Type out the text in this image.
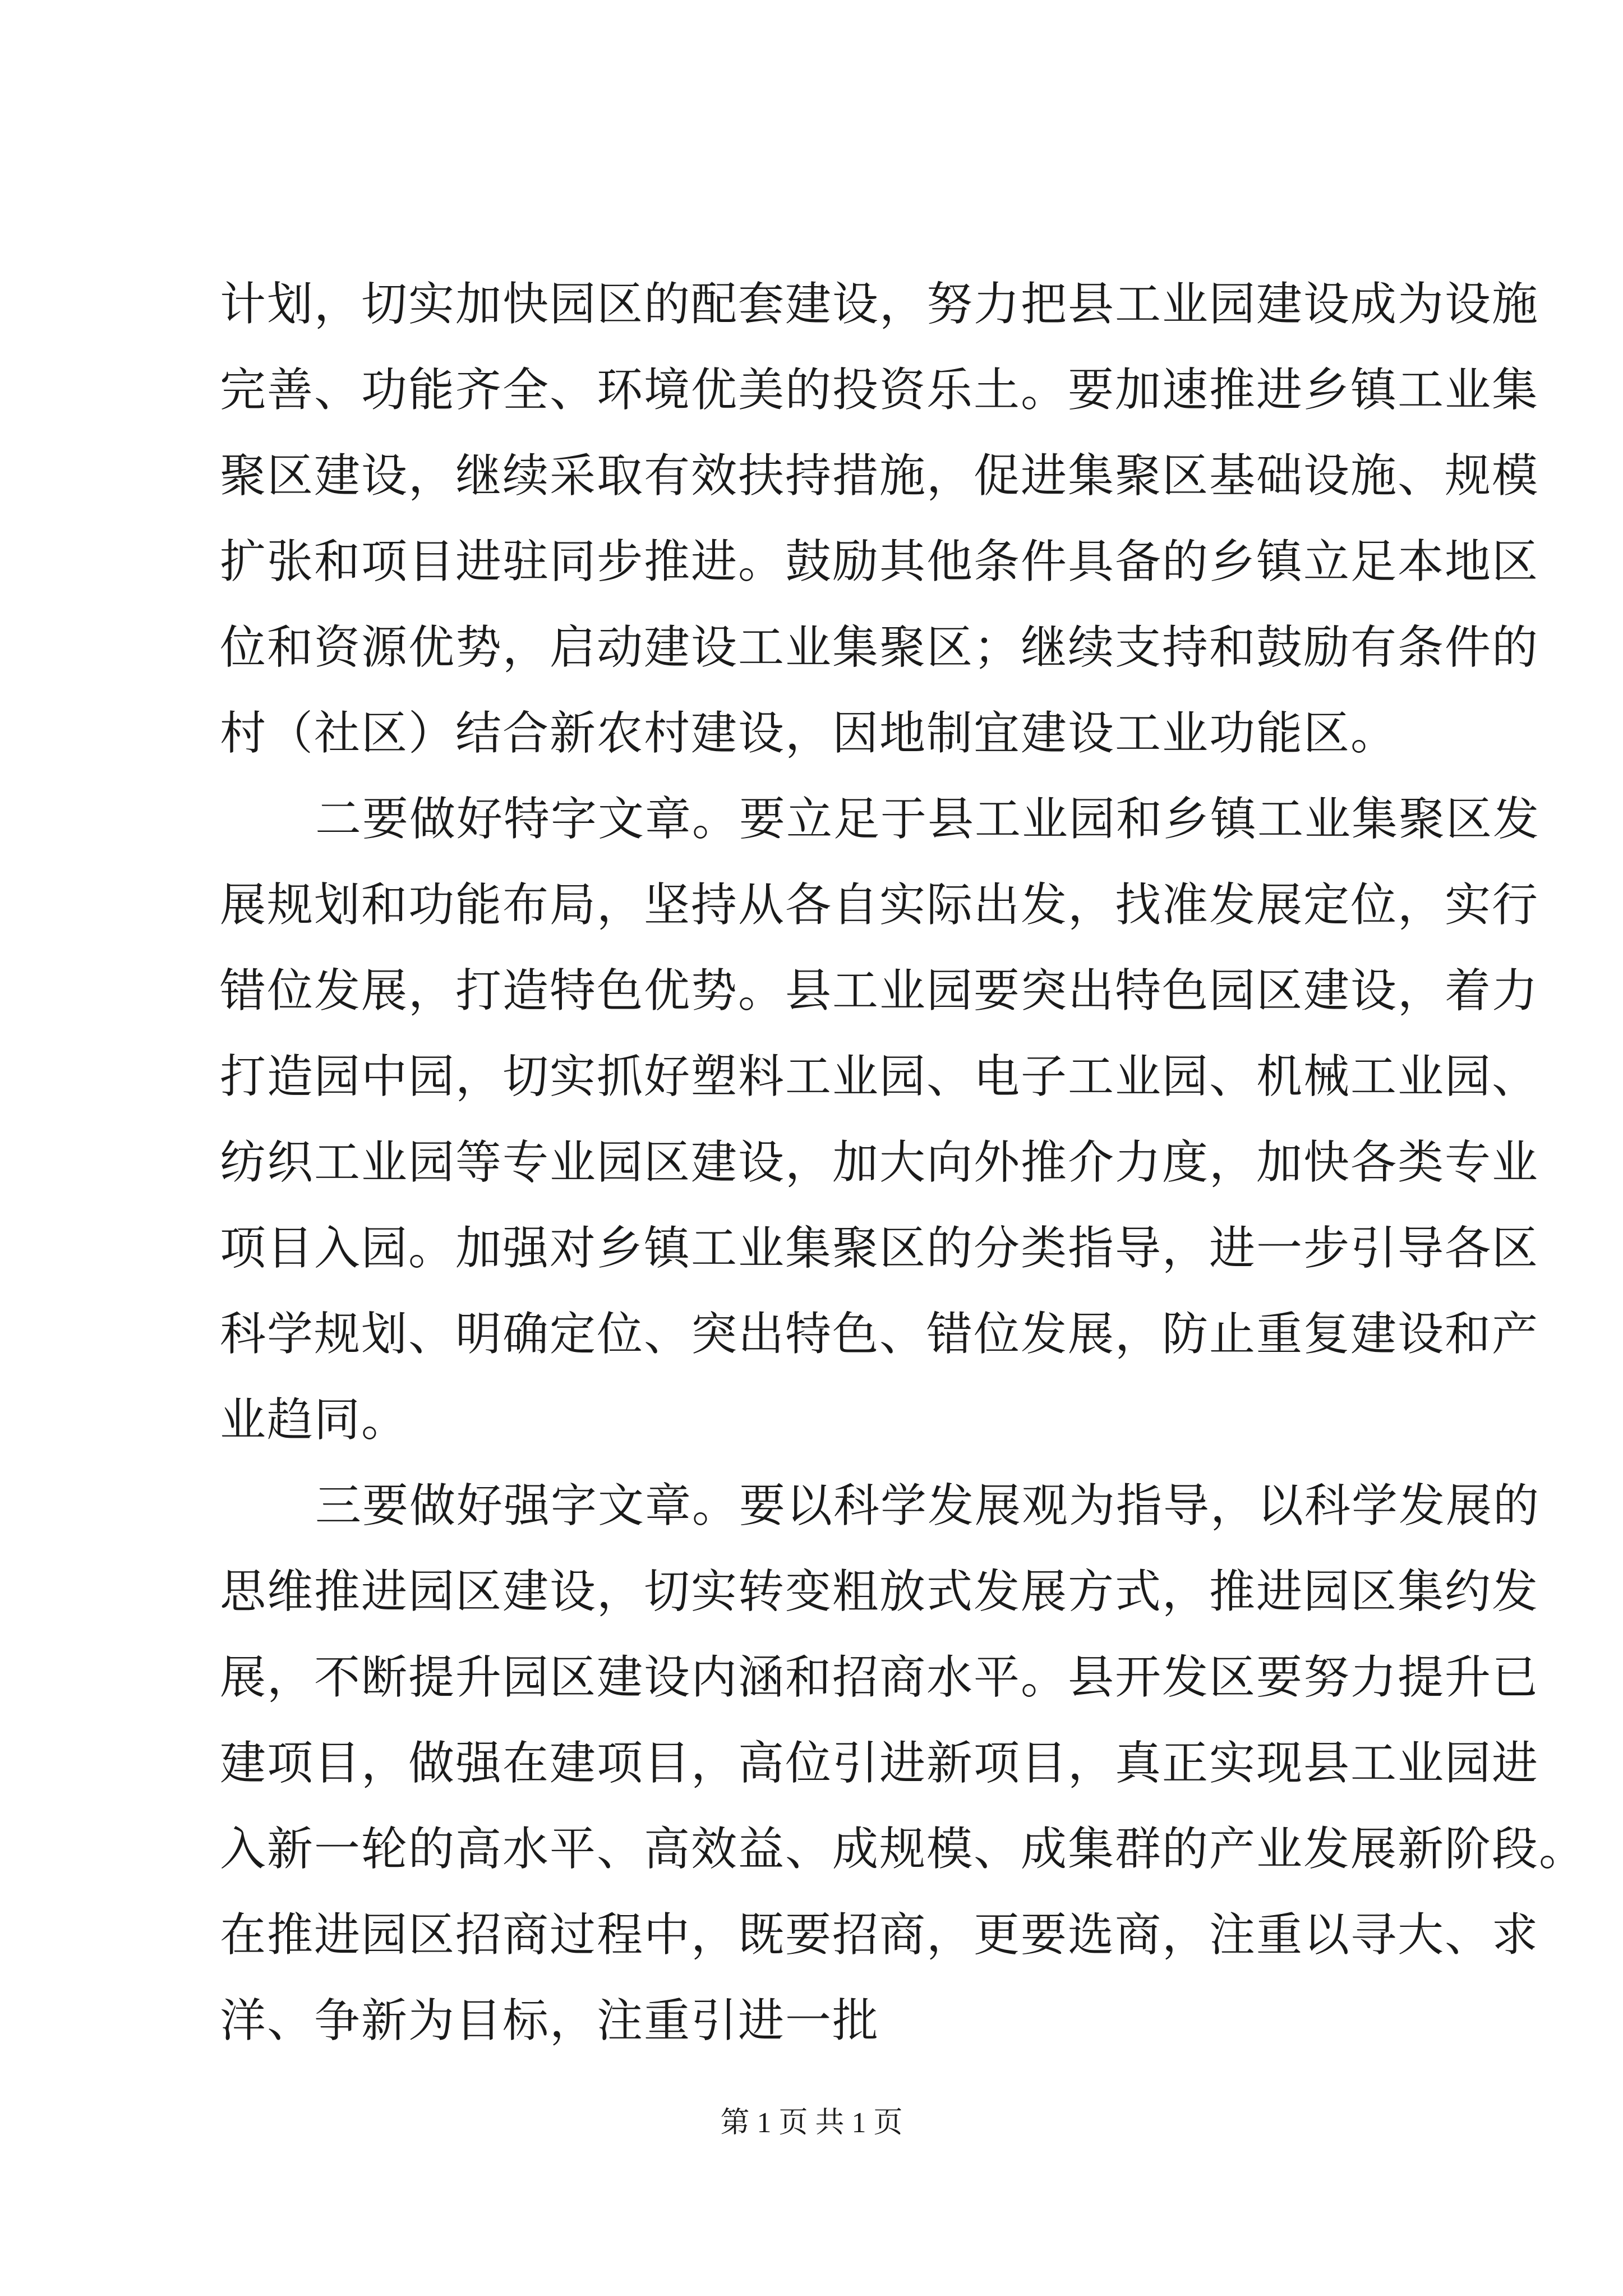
计划，切实加快园区的配套建设，努力把县工业园建设成为设施
完善、功能齐全、环境优美的投资乐土。要加速推进乡镇工业集
聚区建设，继续采取有效扶持措施，促进集聚区基础设施、规模
扩张和项目进驻同步推进。鼓励其他条件具备的乡镇立足本地区
位和资源优势，启动建设工业集聚区；继续支持和鼓励有条件的
村（社区）结合新农村建设，因地制宜建设工业功能区。
二要做好特字文章。要立足于县工业园和乡镇工业集聚区发
展规划和功能布局，坚持从各自实际出发，找准发展定位，实行
错位发展，打造特色优势。县工业园要突出特色园区建设，着力
打造园中园，切实抓好塑料工业园、电子工业园、机械工业园、
纺织工业园等专业园区建设，加大向外推介力度，加快各类专业
项目入园。加强对乡镇工业集聚区的分类指导，进一步引导各区
科学规划、明确定位、突出特色、错位发展，防止重复建设和产
业趋同。
三要做好强字文章。要以科学发展观为指导，以科学发展的
思维推进园区建设，切实转变粗放式发展方式，推进园区集约发
展，不断提升园区建设内涵和招商水平。县开发区要努力提升已
建项目，做强在建项目，高位引进新项目，真正实现县工业园进
入新一轮的高水平、高效益、成规模、成集群的产业发展新阶段。
在推进园区招商过程中，既要招商，更要选商，注重以寻大、求
洋、争新为目标，注重引进一批
第 1 页 共 1 页
